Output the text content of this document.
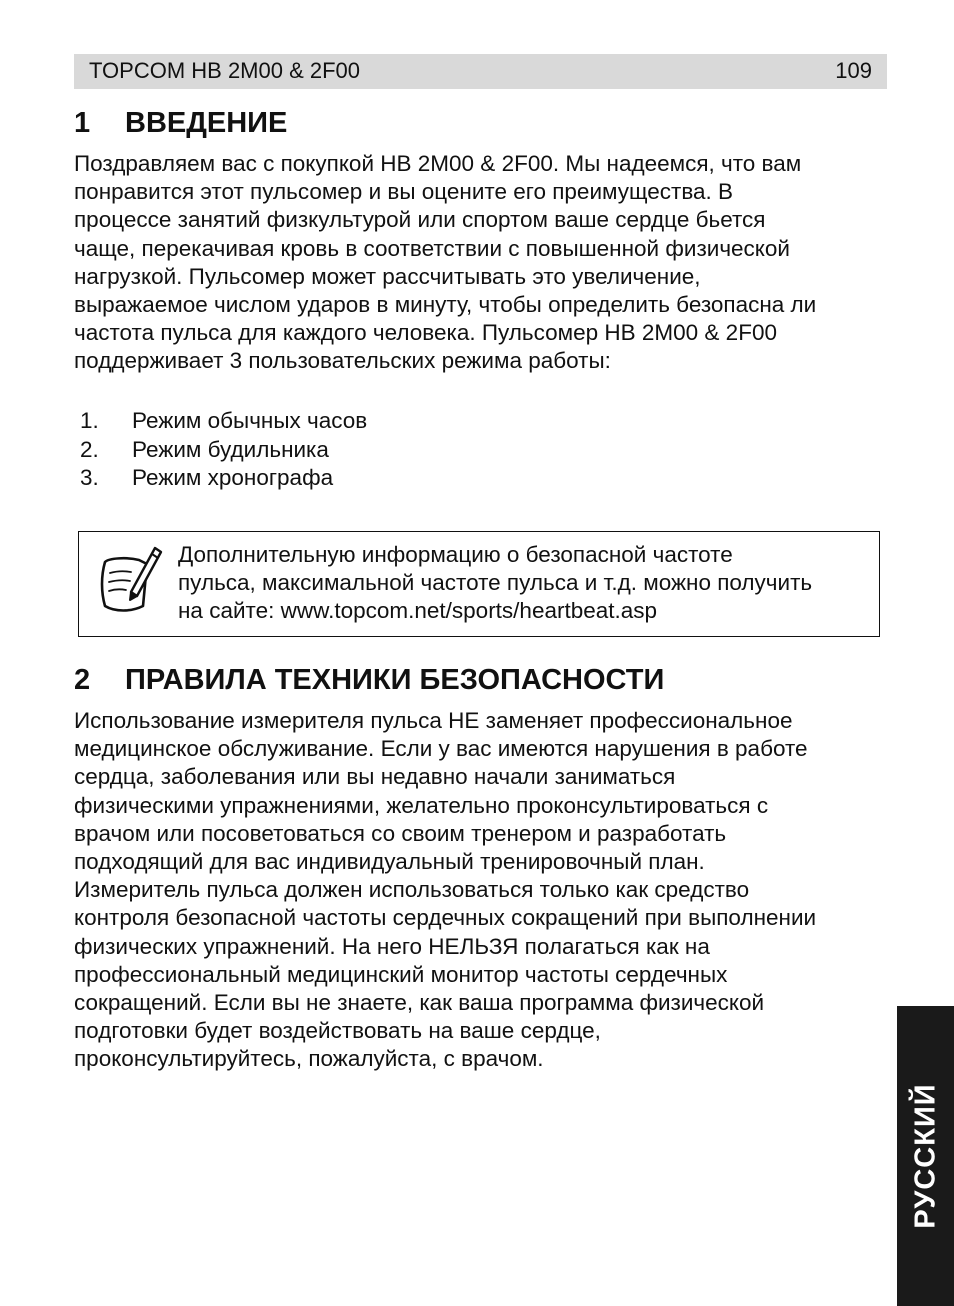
TOPCOM HB 2M00 & 2F00	109
1 ВВЕДЕНИЕ

Поздравляем вас с покупкой HB 2M00 & 2F00. Мы надеемся, что вам
понравится этот пульсомер и вы оцените его преимущества. В
процессе занятий физкультурой или спортом ваше сердце бьется
чаще, перекачивая кровь в соответствии с повышенной физической
нагрузкой. Пульсомер может рассчитывать это увеличение,
выражаемое числом ударов в минуту, чтобы определить безопасна ли
частота пульса для каждого человека. Пульсомер HB 2M00 & 2F00
поддерживает 3 пользовательских режима работы:

1. Режим обычных часов
2. Режим будильника
3. Режим хронографа
Дополнительную информацию о безопасной частоте
пульса, максимальной частоте пульса и т.д. можно получить
на сайте: www.topcom.net/sports/heartbeat.asp
2 ПРАВИЛА ТЕХНИКИ БЕЗОПАСНОСТИ

Использование измерителя пульса НЕ заменяет профессиональное
медицинское обслуживание. Если у вас имеются нарушения в работе
сердца, заболевания или вы недавно начали заниматься
физическими упражнениями, желательно проконсультироваться с
врачом или посоветоваться со своим тренером и разработать
подходящий для вас индивидуальный тренировочный план.
Измеритель пульса должен использоваться только как средство
контроля безопасной частоты сердечных сокращений при выполнении
физических упражнений. На него НЕЛЬЗЯ полагаться как на
профессиональный медицинский монитор частоты сердечных
сокращений. Если вы не знаете, как ваша программа физической
подготовки будет воздействовать на ваше сердце,
проконсультируйтесь, пожалуйста, с врачом.

РУССКИЙ
